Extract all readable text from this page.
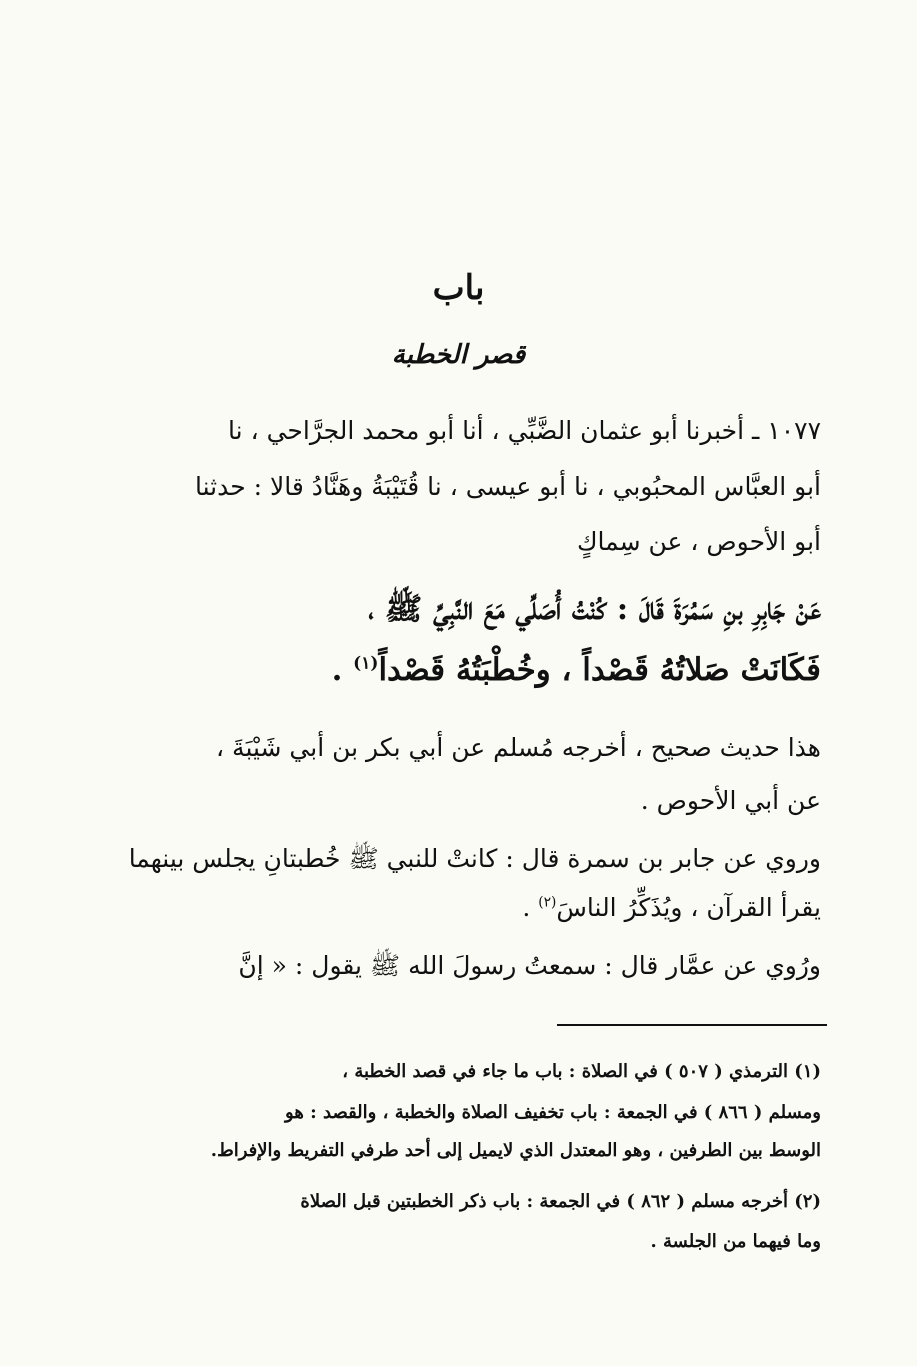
باب
قصر الخطبة
١٠٧٧ ـ أخبرنا أبو عثمان الضَّبِّي ، أنا أبو محمد الجرَّاحي ، نا
أبو العبَّاس المحبُوبي ، نا أبو عيسى ، نا قُتَيْبَةُ وهَنَّادُ قالا : حدثنا
أبو الأحوص ، عن سِماكٍ
عَنْ جَابِرِ بنِ سَمُرَةَ قَالَ : كُنْتُ أُصَلِّي مَعَ النَّبِيِّ ﷺ ،
فَكَانَتْ صَلاتُهُ قَصْداً ، وخُطْبَتُهُ قَصْداً$^{(١)}$ .
هذا حديث صحيح ، أخرجه مُسلم عن أبي بكر بن أبي شَيْبَةَ ،
عن أبي الأحوص .
وروي عن جابر بن سمرة قال : كانتْ للنبي ﷺ خُطبتانِ يجلس بينهما
يقرأ القرآن ، ويُذَكِّرُ الناسَ$^{(٢)}$ .
ورُوي عن عمَّار قال : سمعتُ رسولَ الله ﷺ يقول : « إنَّ
(١) الترمذي ( ٥٠٧ ) في الصلاة : باب ما جاء في قصد الخطبة ،
ومسلم ( ٨٦٦ ) في الجمعة : باب تخفيف الصلاة والخطبة ، والقصد : هو
الوسط بين الطرفين ، وهو المعتدل الذي لايميل إلى أحد طرفي التفريط والإفراط.
(٢) أخرجه مسلم ( ٨٦٢ ) في الجمعة : باب ذكر الخطبتين قبل الصلاة
وما فيهما من الجلسة .
